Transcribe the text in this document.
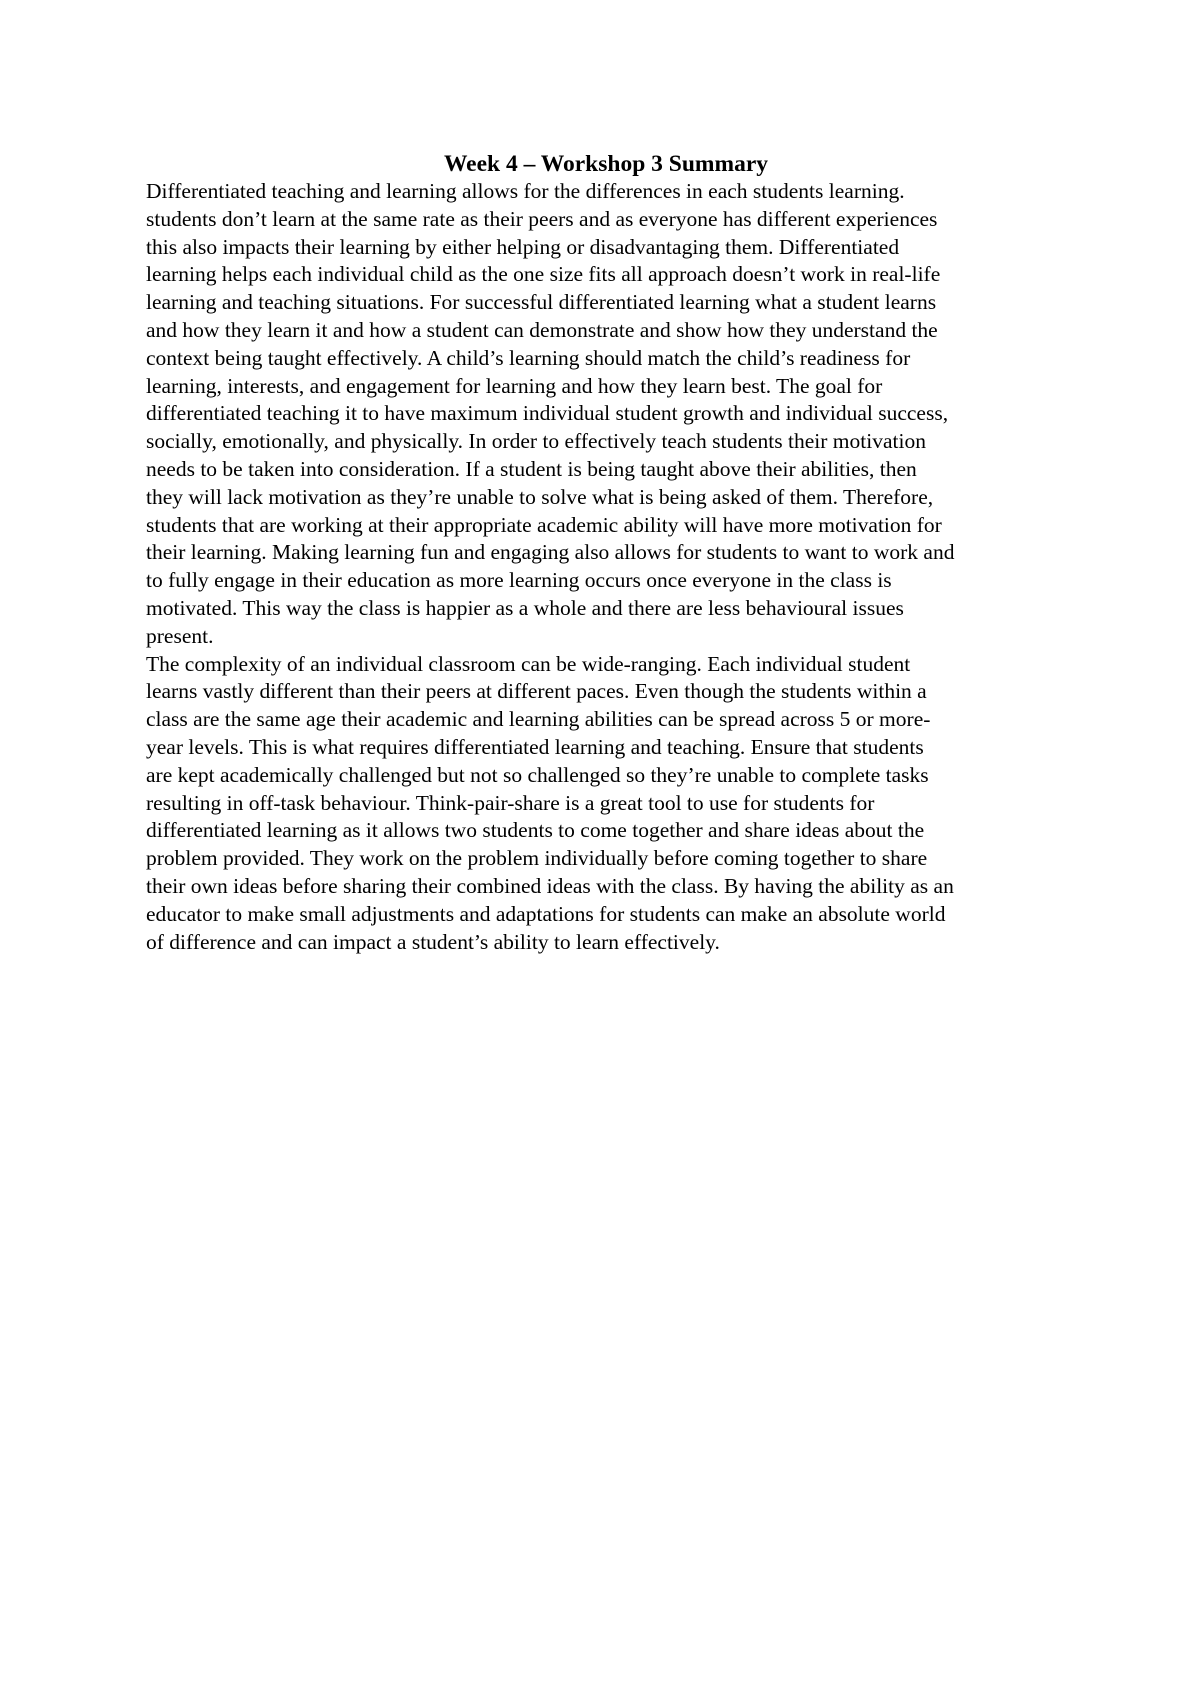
Week 4 – Workshop 3 Summary

Differentiated teaching and learning allows for the differences in each students learning.
students don’t learn at the same rate as their peers and as everyone has different experiences
this also impacts their learning by either helping or disadvantaging them. Differentiated
learning helps each individual child as the one size fits all approach doesn’t work in real-life
learning and teaching situations. For successful differentiated learning what a student learns
and how they learn it and how a student can demonstrate and show how they understand the
context being taught effectively. A child’s learning should match the child’s readiness for
learning, interests, and engagement for learning and how they learn best. The goal for
differentiated teaching it to have maximum individual student growth and individual success,
socially, emotionally, and physically. In order to effectively teach students their motivation
needs to be taken into consideration. If a student is being taught above their abilities, then
they will lack motivation as they’re unable to solve what is being asked of them. Therefore,
students that are working at their appropriate academic ability will have more motivation for
their learning. Making learning fun and engaging also allows for students to want to work and
to fully engage in their education as more learning occurs once everyone in the class is
motivated. This way the class is happier as a whole and there are less behavioural issues
present.

The complexity of an individual classroom can be wide-ranging. Each individual student
learns vastly different than their peers at different paces. Even though the students within a
class are the same age their academic and learning abilities can be spread across 5 or more-
year levels. This is what requires differentiated learning and teaching. Ensure that students
are kept academically challenged but not so challenged so they’re unable to complete tasks
resulting in off-task behaviour. Think-pair-share is a great tool to use for students for
differentiated learning as it allows two students to come together and share ideas about the
problem provided. They work on the problem individually before coming together to share
their own ideas before sharing their combined ideas with the class. By having the ability as an
educator to make small adjustments and adaptations for students can make an absolute world
of difference and can impact a student’s ability to learn effectively.
